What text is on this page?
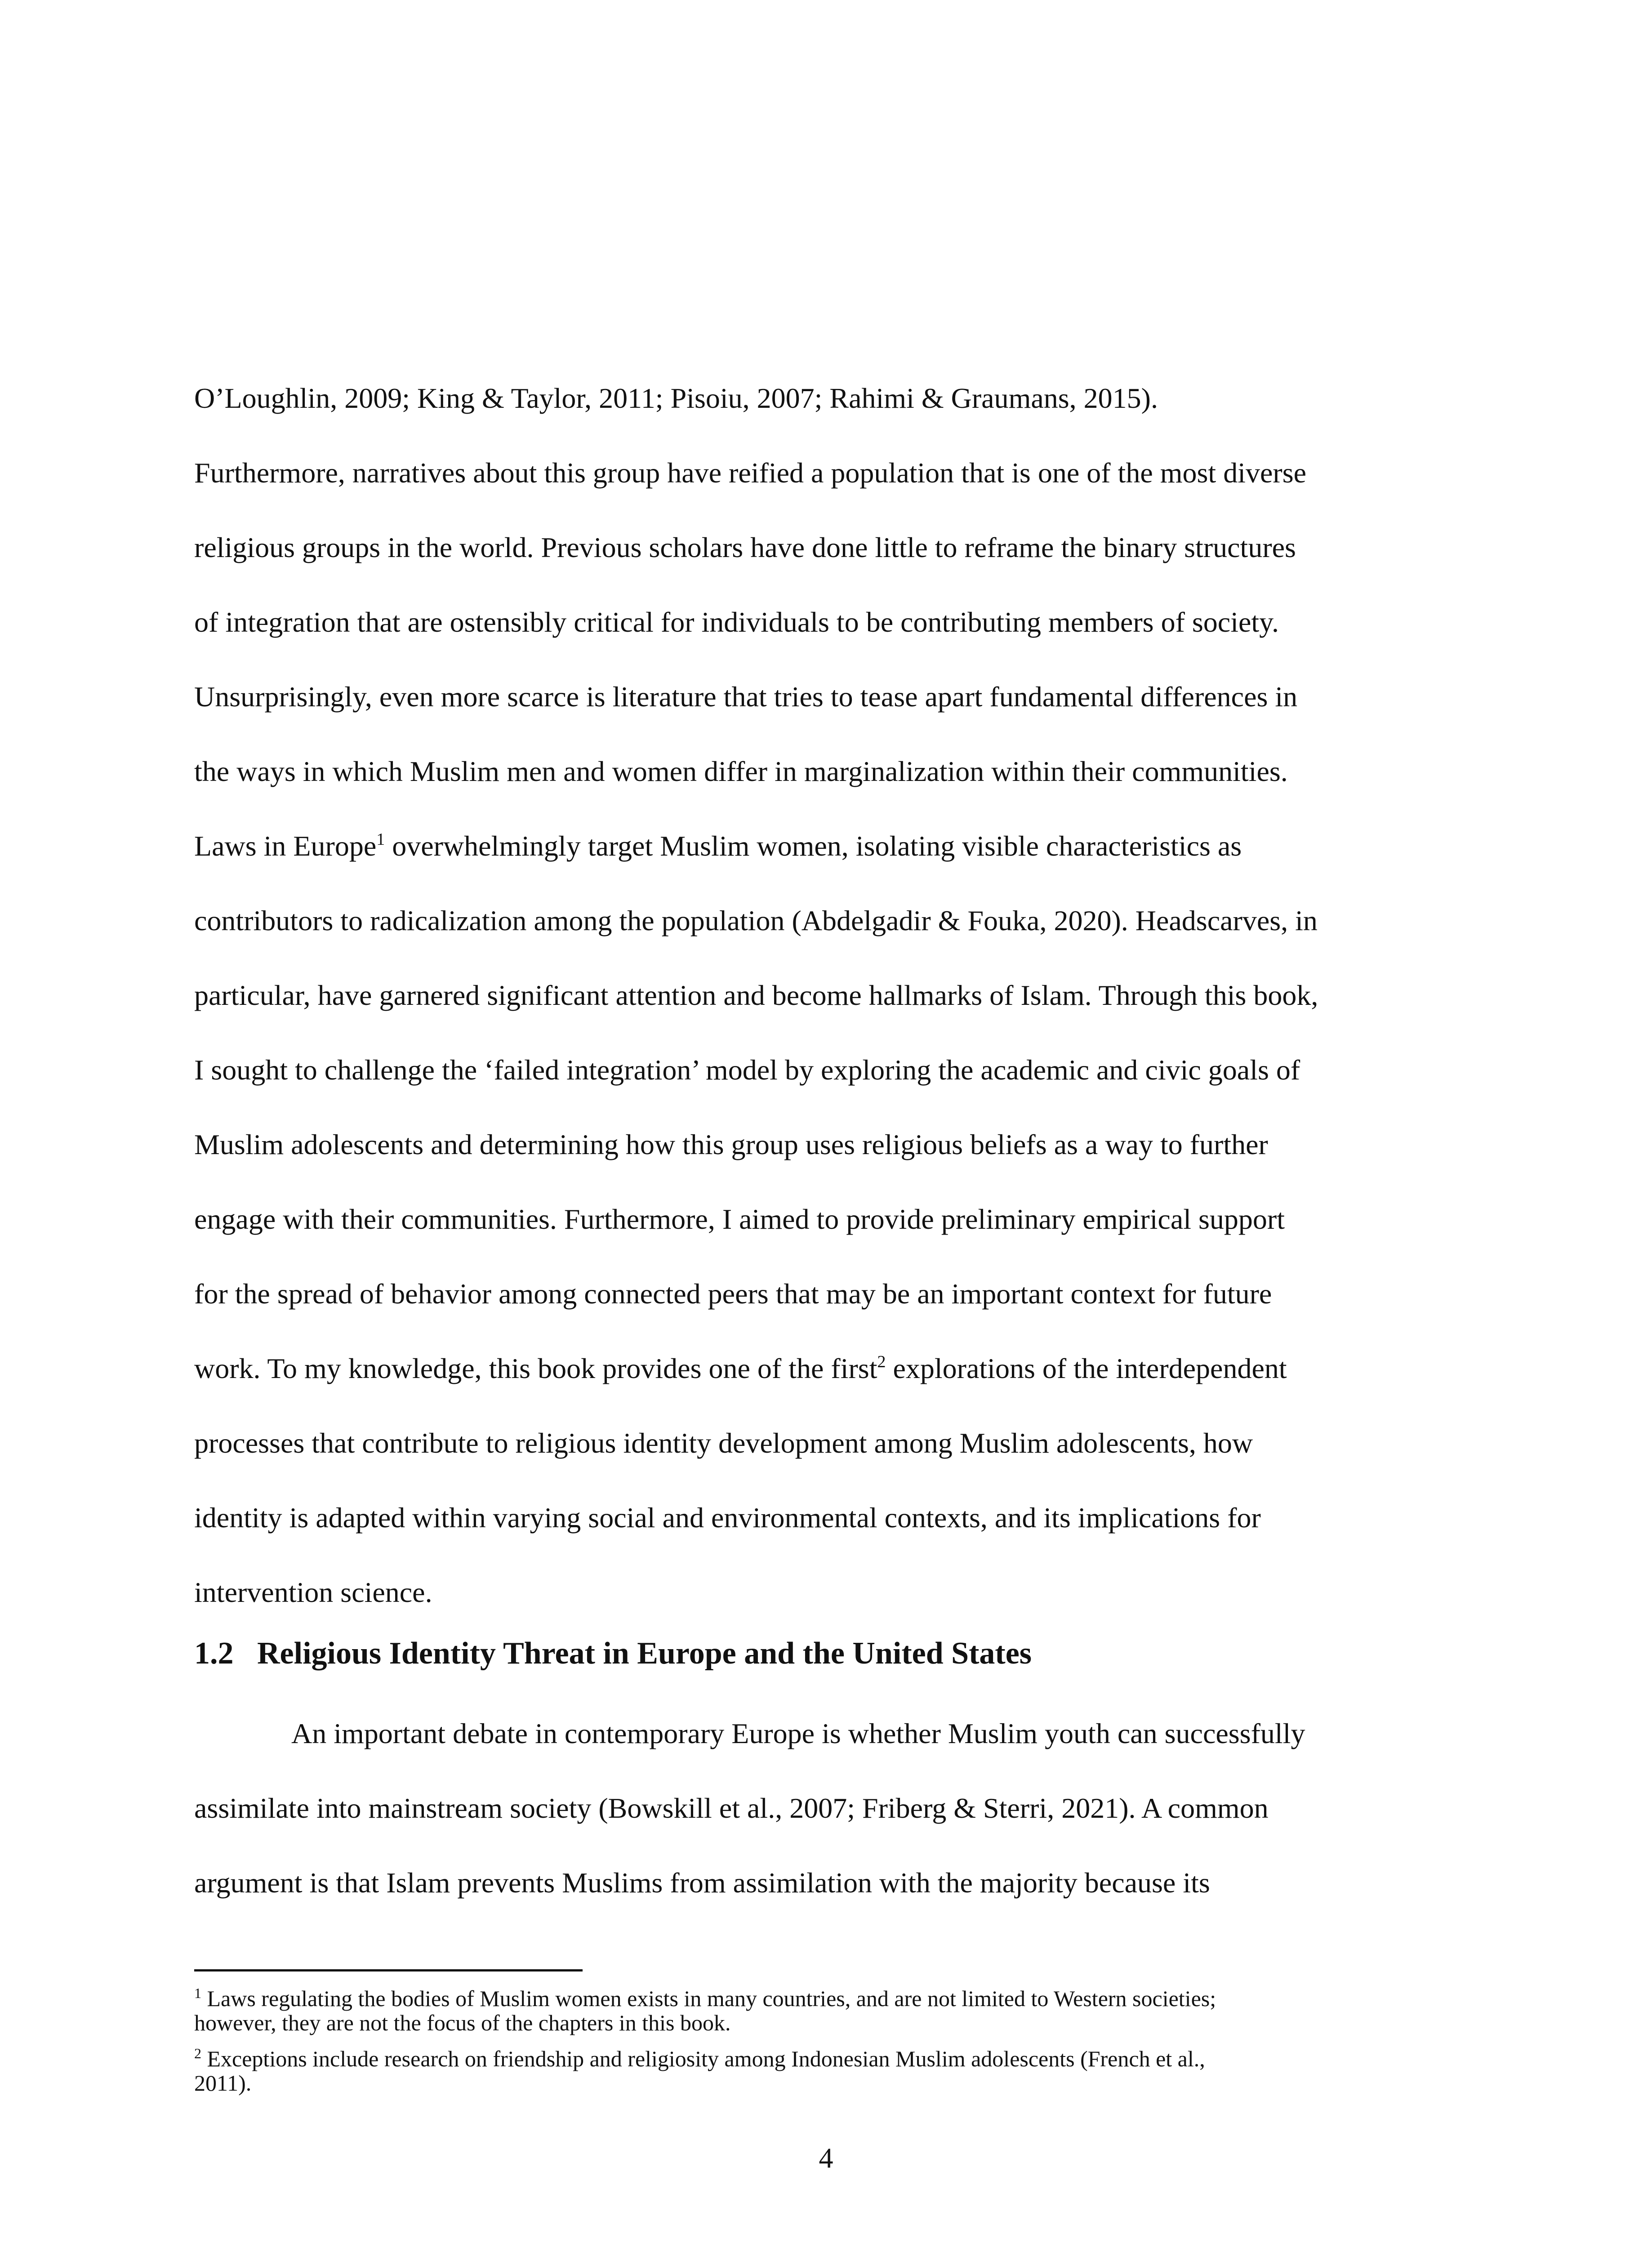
O’Loughlin, 2009; King & Taylor, 2011; Pisoiu, 2007; Rahimi & Graumans, 2015).
Furthermore, narratives about this group have reified a population that is one of the most diverse
religious groups in the world. Previous scholars have done little to reframe the binary structures
of integration that are ostensibly critical for individuals to be contributing members of society.
Unsurprisingly, even more scarce is literature that tries to tease apart fundamental differences in
the ways in which Muslim men and women differ in marginalization within their communities.
Laws in Europe$^1$ overwhelmingly target Muslim women, isolating visible characteristics as
contributors to radicalization among the population (Abdelgadir & Fouka, 2020). Headscarves, in
particular, have garnered significant attention and become hallmarks of Islam. Through this book,
I sought to challenge the ‘failed integration’ model by exploring the academic and civic goals of
Muslim adolescents and determining how this group uses religious beliefs as a way to further
engage with their communities. Furthermore, I aimed to provide preliminary empirical support
for the spread of behavior among connected peers that may be an important context for future
work. To my knowledge, this book provides one of the first$^2$ explorations of the interdependent
processes that contribute to religious identity development among Muslim adolescents, how
identity is adapted within varying social and environmental contexts, and its implications for
intervention science.
1.2 Religious Identity Threat in Europe and the United States
An important debate in contemporary Europe is whether Muslim youth can successfully
assimilate into mainstream society (Bowskill et al., 2007; Friberg & Sterri, 2021). A common
argument is that Islam prevents Muslims from assimilation with the majority because its
$^1$ Laws regulating the bodies of Muslim women exists in many countries, and are not limited to Western societies;
however, they are not the focus of the chapters in this book.
$^2$ Exceptions include research on friendship and religiosity among Indonesian Muslim adolescents (French et al.,
2011).
4
